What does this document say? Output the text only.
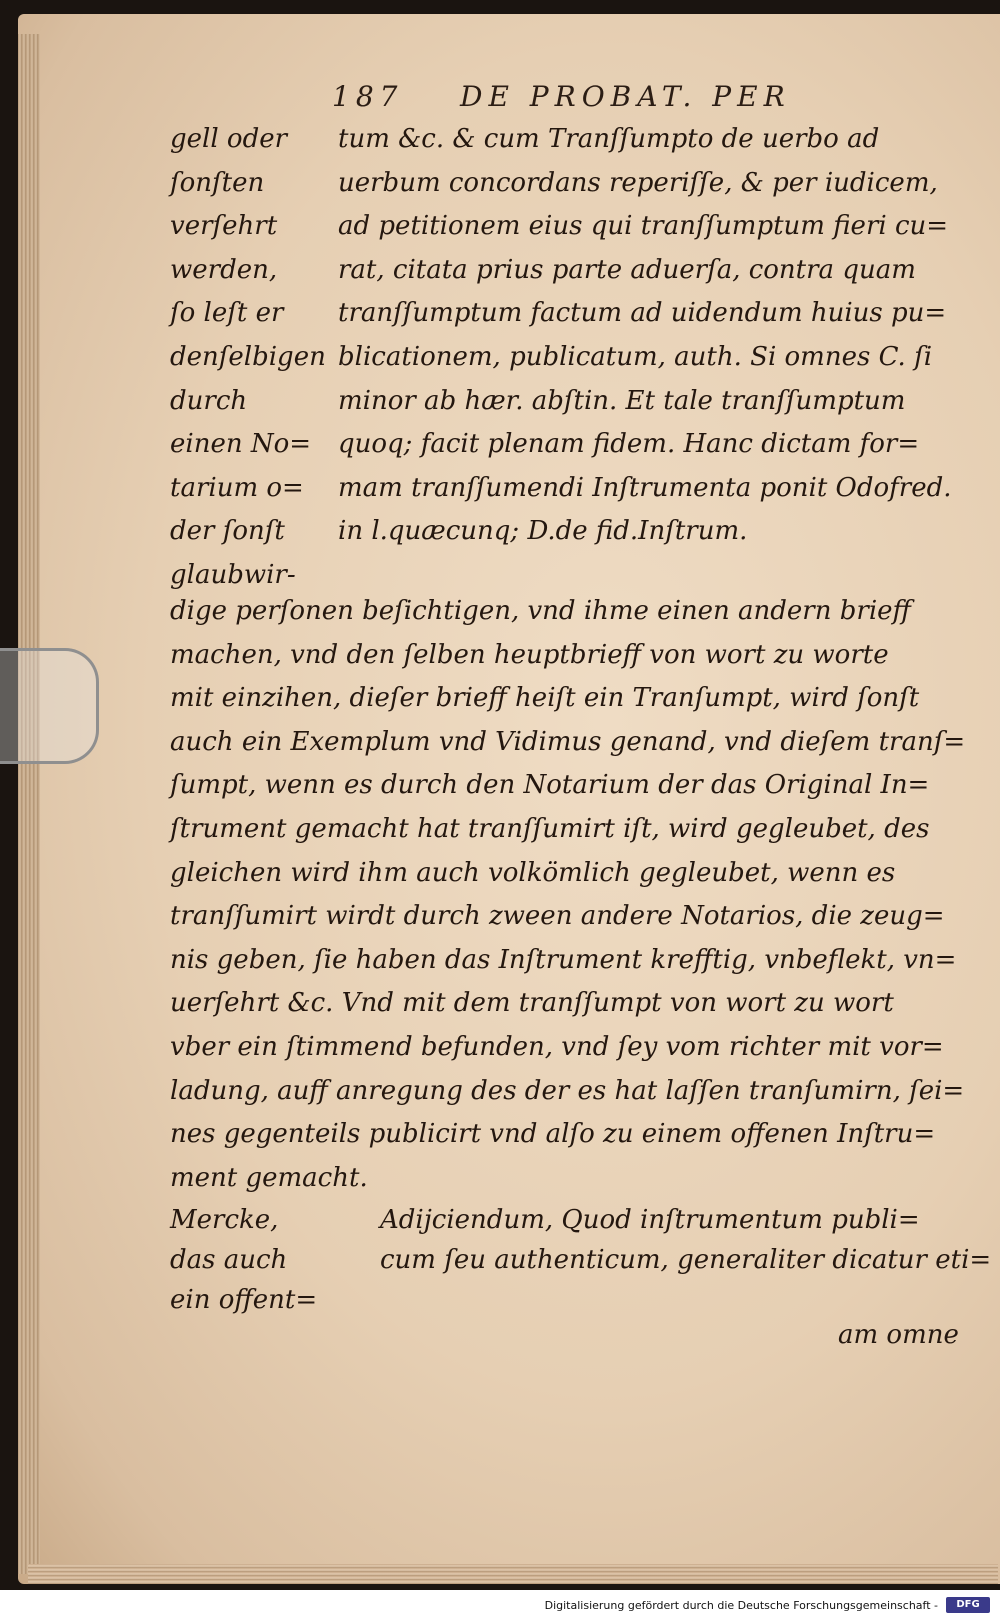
187 DE PROBAT. PER
gell oder
ſonſten
verſehrt
werden,
ſo leſt er
denſelbigen
durch
einen No=
tarium o=
der ſonſt
glaubwir-
tum &c. & cum Tranſſumpto de uerbo ad
uerbum concordans reperiſſe, & per iudicem,
ad petitionem eius qui tranſſumptum fieri cu=
rat, citata prius parte aduerſa, contra quam
tranſſumptum factum ad uidendum huius pu=
blicationem, publicatum, auth. Si omnes C. ſi
minor ab hær. abſtin. Et tale tranſſumptum
quoq; facit plenam fidem. Hanc dictam for=
mam tranſſumendi Inſtrumenta ponit Odofred.
in l.quæcunq; D.de fid.Inſtrum.
dige perſonen beſichtigen, vnd ihme einen andern brieff
machen, vnd den ſelben heuptbrieff von wort zu worte
mit einzihen, dieſer brieff heiſt ein Tranſumpt, wird ſonſt
auch ein Exemplum vnd Vidimus genand, vnd dieſem tranſ=
ſumpt, wenn es durch den Notarium der das Original In=
ſtrument gemacht hat tranſſumirt iſt, wird gegleubet, des
gleichen wird ihm auch volkömlich gegleubet, wenn es
tranſſumirt wirdt durch zween andere Notarios, die zeug=
nis geben, ſie haben das Inſtrument krefftig, vnbeflekt, vn=
uerſehrt &c. Vnd mit dem tranſſumpt von wort zu wort
vber ein ſtimmend befunden, vnd ſey vom richter mit vor=
ladung, auff anregung des der es hat laſſen tranſumirn, ſei=
nes gegenteils publicirt vnd alſo zu einem offenen Inſtru=
ment gemacht.
Mercke,
das auch
ein offent=
Adijciendum, Quod inſtrumentum publi=
cum ſeu authenticum, generaliter dicatur eti=
am omne
Digitalisierung gefördert durch die Deutsche Forschungsgemeinschaft -	DFG
